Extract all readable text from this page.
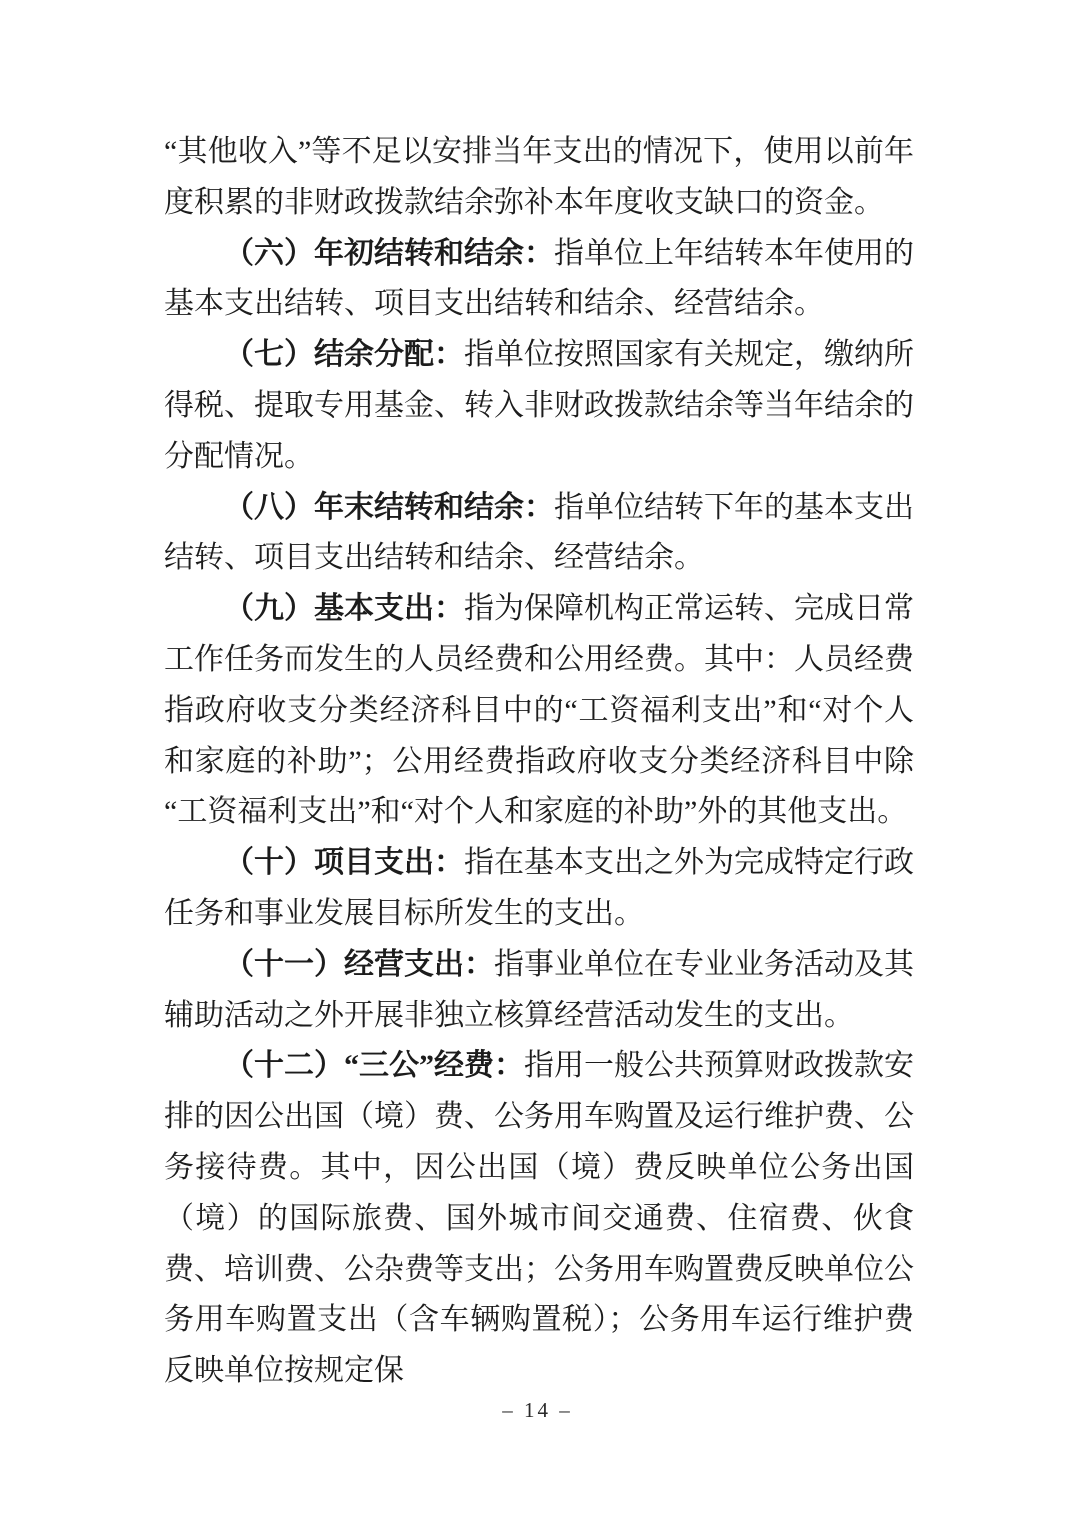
“其他收入”等不足以安排当年支出的情况下，使用以前年度积累的非财政拨款结余弥补本年度收支缺口的资金。

（六）年初结转和结余：指单位上年结转本年使用的基本支出结转、项目支出结转和结余、经营结余。

（七）结余分配：指单位按照国家有关规定，缴纳所得税、提取专用基金、转入非财政拨款结余等当年结余的分配情况。

（八）年末结转和结余：指单位结转下年的基本支出结转、项目支出结转和结余、经营结余。

（九）基本支出：指为保障机构正常运转、完成日常工作任务而发生的人员经费和公用经费。其中：人员经费指政府收支分类经济科目中的“工资福利支出”和“对个人和家庭的补助”；公用经费指政府收支分类经济科目中除“工资福利支出”和“对个人和家庭的补助”外的其他支出。

（十）项目支出：指在基本支出之外为完成特定行政任务和事业发展目标所发生的支出。

（十一）经营支出：指事业单位在专业业务活动及其辅助活动之外开展非独立核算经营活动发生的支出。

（十二）“三公”经费：指用一般公共预算财政拨款安排的因公出国（境）费、公务用车购置及运行维护费、公务接待费。其中，因公出国（境）费反映单位公务出国（境）的国际旅费、国外城市间交通费、住宿费、伙食费、培训费、公杂费等支出；公务用车购置费反映单位公务用车购置支出（含车辆购置税）；公务用车运行维护费反映单位按规定保

– 14 –
